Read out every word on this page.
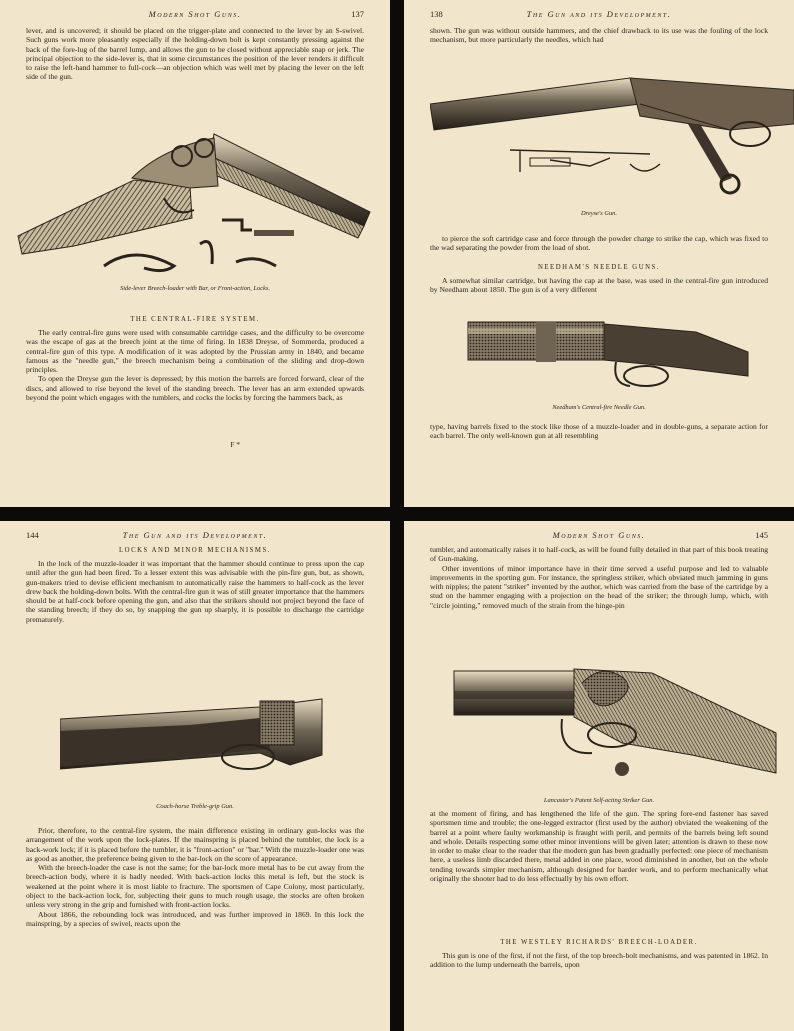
Modern Shot Guns.	137

lever, and is uncovered; it should be placed on the trigger-plate and connected to the lever by an S-swivel. Such guns work more pleasantly especially if the holding-down bolt is kept constantly pressing against the back of the fore-lug of the barrel lump, and allows the gun to be closed without appreciable snap or jerk. The principal objection to the side-lever is, that in some circumstances the position of the lever renders it difficult to raise the left-hand hammer to full-cock—an objection which was well met by placing the lever on the left side of the gun.

Side-lever Breech-loader with Bar, or Front-action, Locks.
THE CENTRAL-FIRE SYSTEM.

The early central-fire guns were used with consumable cartridge cases, and the difficulty to be overcome was the escape of gas at the breech joint at the time of firing. In 1838 Dreyse, of Sommerda, produced a central-fire gun of this type. A modification of it was adopted by the Prussian army in 1840, and became famous as the "needle gun," the breech mechanism being a combination of the sliding and drop-down principles.

To open the Dreyse gun the lever is depressed; by this motion the barrels are forced forward, clear of the discs, and allowed to rise beyond the level of the standing breech. The lever has an arm extended upwards beyond the point which engages with the tumblers, and cocks the locks by forcing the hammers back, as

F *
138	The Gun and its Development.

shown. The gun was without outside hammers, and the chief drawback to its use was the fouling of the lock mechanism, but more particularly the needles, which had

Dreyse's Gun.

to pierce the soft cartridge case and force through the powder charge to strike the cap, which was fixed to the wad separating the powder from the load of shot.

NEEDHAM'S NEEDLE GUNS.

A somewhat similar cartridge, but having the cap at the base, was used in the central-fire gun introduced by Needham about 1850. The gun is of a very different

Needham's Central-fire Needle Gun.

type, having barrels fixed to the stock like those of a muzzle-loader and in double-guns, a separate action for each barrel. The only well-known gun at all resembling

144	The Gun and its Development.
LOCKS AND MINOR MECHANISMS.

In the lock of the muzzle-loader it was important that the hammer should continue to press upon the cap until after the gun had been fired. To a lesser extent this was advisable with the pin-fire gun, but, as shown, gun-makers tried to devise efficient mechanism to automatically raise the hammers to half-cock as the lever drew back the holding-down bolts. With the central-fire gun it was of still greater importance that the hammers should be at half-cock before opening the gun, and also that the strikers should not project beyond the face of the standing breech; if they do so, by snapping the gun up sharply, it is possible to discharge the cartridge prematurely.

Coach-horse Treble-grip Gun.

Prior, therefore, to the central-fire system, the main difference existing in ordinary gun-locks was the arrangement of the work upon the lock-plates. If the mainspring is placed behind the tumbler, the lock is a back-work lock; if it is placed before the tumbler, it is "front-action" or "bar." With the muzzle-loader one was as good as another, the preference being given to the bar-lock on the score of appearance.

With the breech-loader the case is not the same; for the bar-lock more metal has to be cut away from the breech-action body, where it is badly needed. With back-action locks this metal is left, but the stock is weakened at the point where it is most liable to fracture. The sportsmen of Cape Colony, most particularly, object to the back-action lock, for, subjecting their guns to much rough usage, the stocks are often broken unless very strong in the grip and furnished with front-action locks.

About 1866, the rebounding lock was introduced, and was further improved in 1869. In this lock the mainspring, by a species of swivel, reacts upon the

Modern Shot Guns.	145

tumbler, and automatically raises it to half-cock, as will be found fully detailed in that part of this book treating of Gun-making.

Other inventions of minor importance have in their time served a useful purpose and led to valuable improvements in the sporting gun. For instance, the springless striker, which obviated much jamming in guns with nipples; the patent "striker" invented by the author, which was carried from the base of the cartridge by a stud on the hammer engaging with a projection on the head of the striker; the through lump, which, with "circle jointing," removed much of the strain from the hinge-pin

Lancaster's Patent Self-acting Striker Gun.

at the moment of firing, and has lengthened the life of the gun. The spring fore-end fastener has saved sportsmen time and trouble; the one-legged extractor (first used by the author) obviated the weakening of the barrel at a point where faulty workmanship is fraught with peril, and permits of the barrels being left sound and whole. Details respecting some other minor inventions will be given later; attention is drawn to these now in order to make clear to the reader that the modern gun has been gradually perfected: one piece of mechanism here, a useless limb discarded there, metal added in one place, wood diminished in another, but on the whole tending towards simpler mechanism, although designed for harder work, and to perform mechanically what originally the shooter had to do less effectually by his own effort.

THE WESTLEY RICHARDS' BREECH-LOADER.

This gun is one of the first, if not the first, of the top breech-bolt mechanisms, and was patented in 1862. In addition to the lump underneath the barrels, upon
